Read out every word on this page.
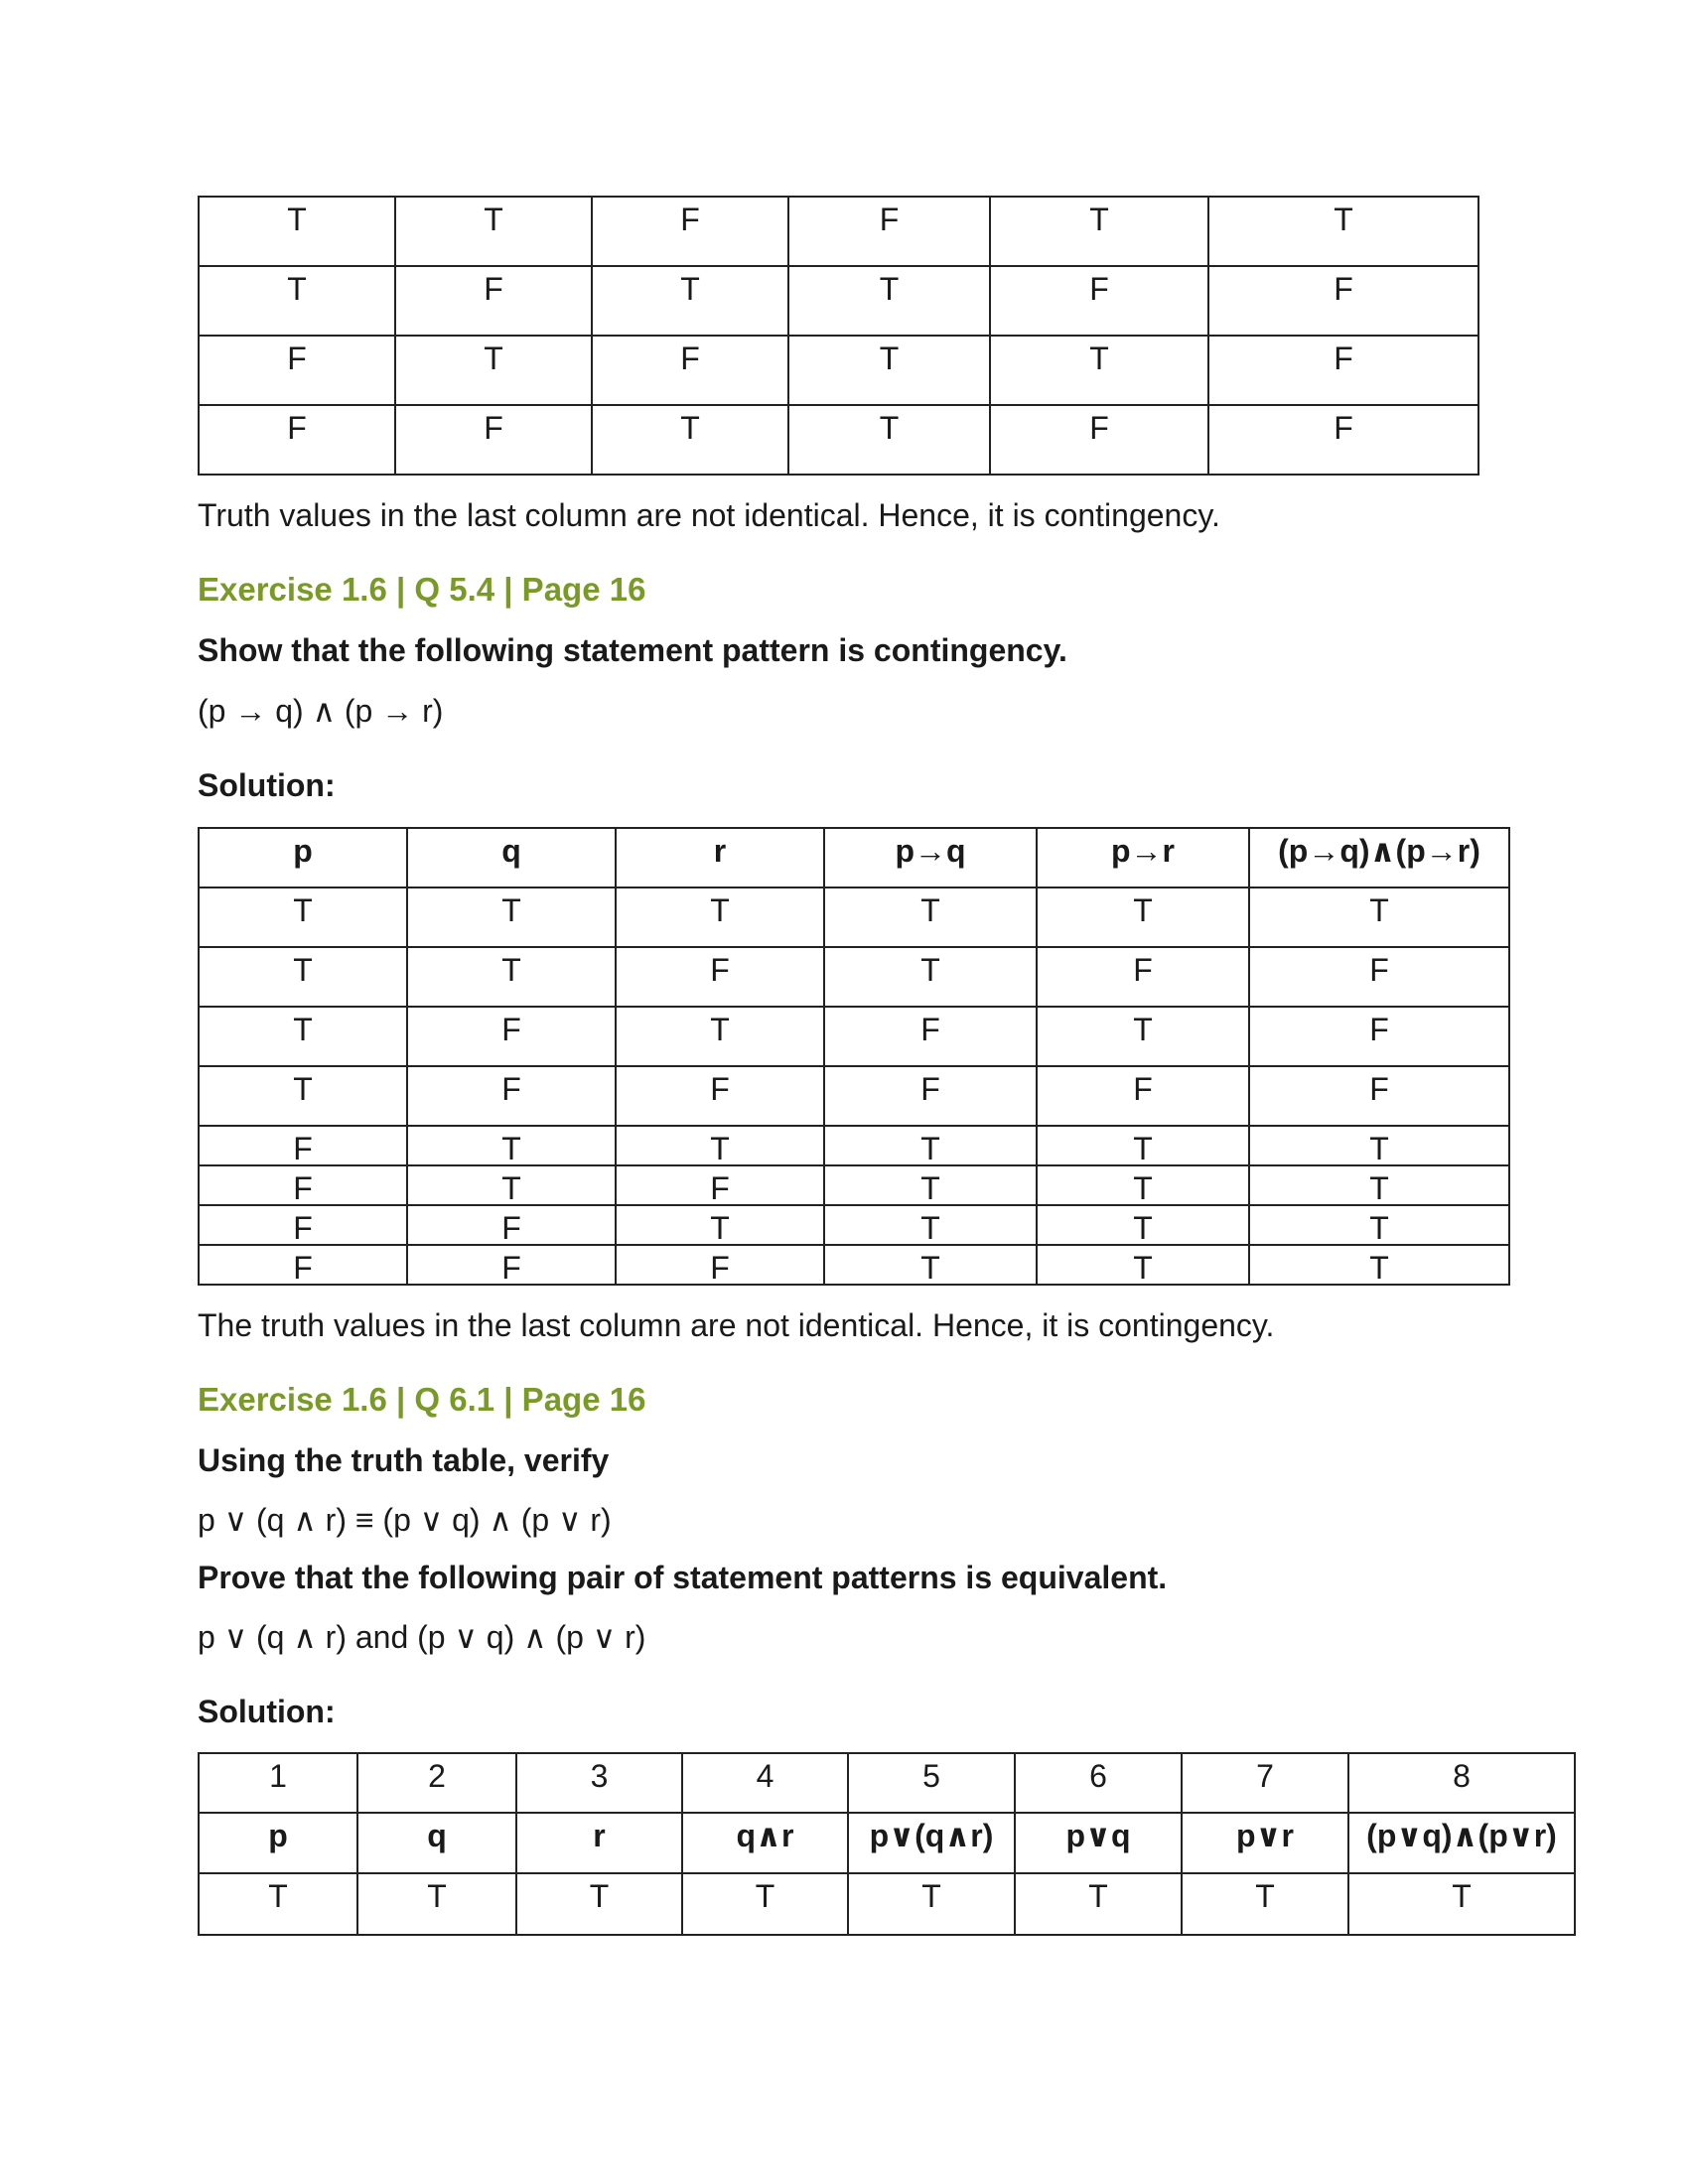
T	T	F	F	T	T
T	F	T	T	F	F
F	T	F	T	T	F
F	F	T	T	F	F
Truth values in the last column are not identical. Hence, it is contingency.
Exercise 1.6 | Q 5.4 | Page 16
Show that the following statement pattern is contingency.
(p → q) ∧ (p → r)
Solution:
p	q	r	p→q	p→r	(p→q)∧(p→r)
T	T	T	T	T	T
T	T	F	T	F	F
T	F	T	F	T	F
T	F	F	F	F	F
F	T	T	T	T	T
F	T	F	T	T	T
F	F	T	T	T	T
F	F	F	T	T	T
The truth values in the last column are not identical. Hence, it is contingency.
Exercise 1.6 | Q 6.1 | Page 16
Using the truth table, verify
p ∨ (q ∧ r) ≡ (p ∨ q) ∧ (p ∨ r)
Prove that the following pair of statement patterns is equivalent.
p ∨ (q ∧ r) and (p ∨ q) ∧ (p ∨ r)
Solution:
1	2	3	4	5	6	7	8
p	q	r	q∧r	p∨(q∧r)	p∨q	p∨r	(p∨q)∧(p∨r)
T	T	T	T	T	T	T	T
